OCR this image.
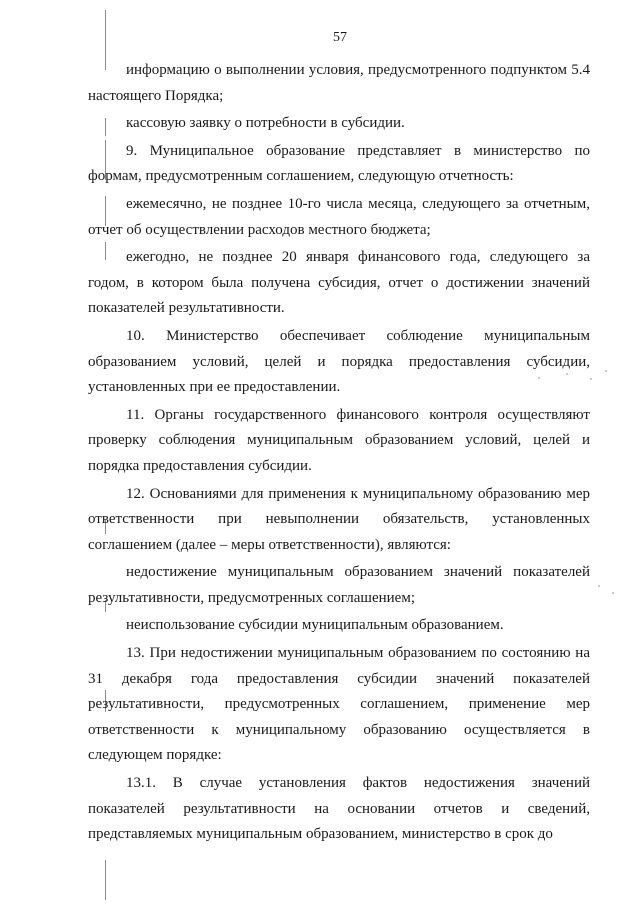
57

информацию о выполнении условия, предусмотренного подпунктом 5.4 настоящего Порядка;

кассовую заявку о потребности в субсидии.

9. Муниципальное образование представляет в министерство по формам, предусмотренным соглашением, следующую отчетность:

ежемесячно, не позднее 10-го числа месяца, следующего за отчетным, отчет об осуществлении расходов местного бюджета;

ежегодно, не позднее 20 января финансового года, следующего за годом, в котором была получена субсидия, отчет о достижении значений показателей результативности.

10. Министерство обеспечивает соблюдение муниципальным образованием условий, целей и порядка предоставления субсидии, установленных при ее предоставлении.

11. Органы государственного финансового контроля осуществляют проверку соблюдения муниципальным образованием условий, целей и порядка предоставления субсидии.

12. Основаниями для применения к муниципальному образованию мер ответственности при невыполнении обязательств, установленных соглашением (далее – меры ответственности), являются:

недостижение муниципальным образованием значений показателей результативности, предусмотренных соглашением;

неиспользование субсидии муниципальным образованием.

13. При недостижении муниципальным образованием по состоянию на 31 декабря года предоставления субсидии значений показателей результативности, предусмотренных соглашением, применение мер ответственности к муниципальному образованию осуществляется в следующем порядке:

13.1. В случае установления фактов недостижения значений показателей результативности на основании отчетов и сведений, представляемых муниципальным образованием, министерство в срок до
